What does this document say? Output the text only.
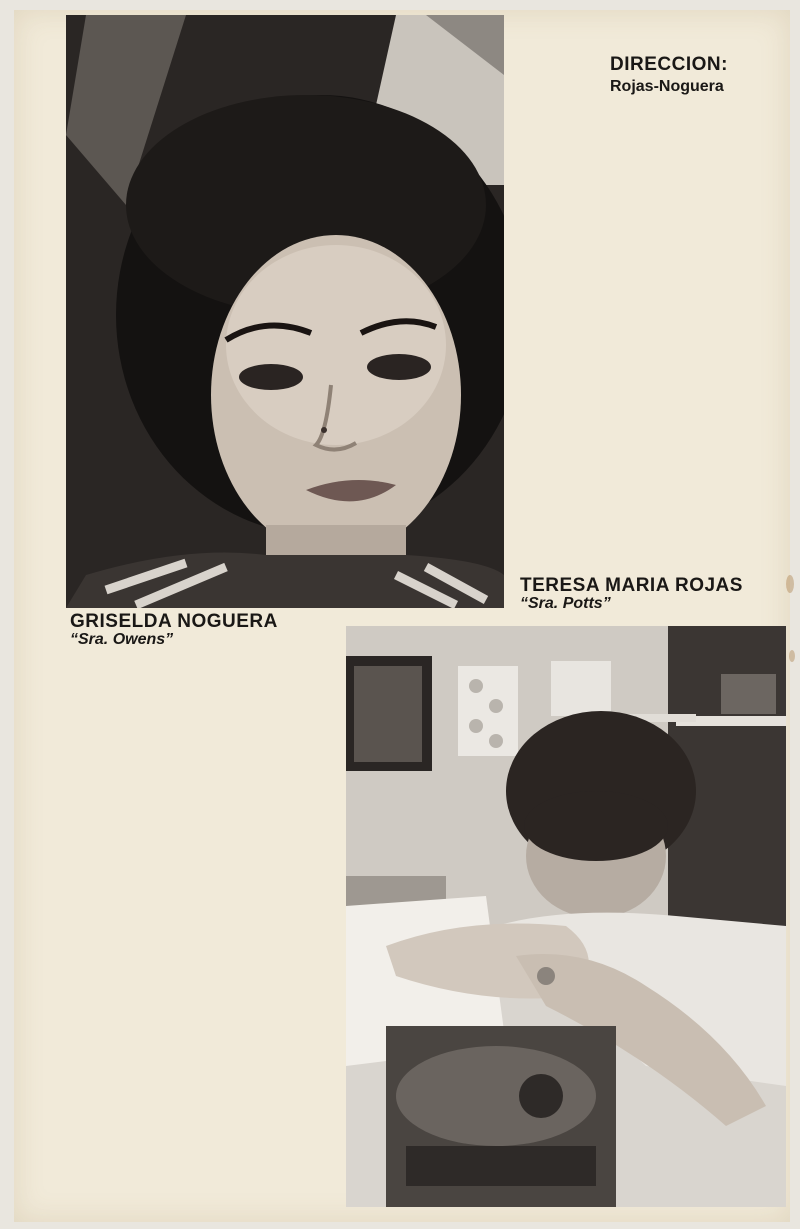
DIRECCION:
Rojas-Noguera
GRISELDA NOGUERA
“Sra. Owens”
TERESA MARIA ROJAS
“Sra. Potts”
